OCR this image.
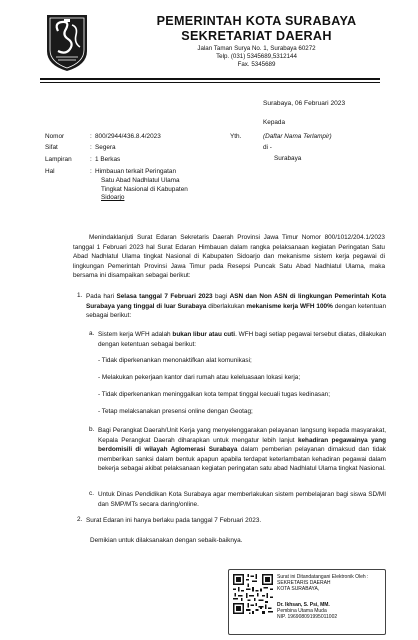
PEMERINTAH KOTA SURABAYA
SEKRETARIAT DAERAH
Jalan Taman Surya No. 1, Surabaya 60272
Telp. (031) 5345689,5312144
Fax. 5345689
Surabaya, 06 Februari 2023
Kepada
Nomor	: 800/2944/436.8.4/2023
Sifat	: Segera
Lampiran	: 1 Berkas
Hal	: Himbauan terkait Peringatan
Satu Abad Nadhlatul Ulama
Tingkat Nasional di Kabupaten
Sidoarjo
Yth.	(Daftar Nama Terlampir)
di -
Surabaya
Menindaklanjuti Surat Edaran Sekretaris Daerah Provinsi Jawa Timur Nomor 800/1012/204.1/2023 tanggal 1 Februari 2023 hal Surat Edaran Himbauan dalam rangka pelaksanaan kegiatan Peringatan Satu Abad Nadhlatul Ulama tingkat Nasional di Kabupaten Sidoarjo dan mekanisme sistem kerja pegawai di lingkungan Pemerintah Provinsi Jawa Timur pada Resepsi Puncak Satu Abad Nadhlatul Ulama, maka bersama ini disampaikan sebagai berikut:
1. Pada hari Selasa tanggal 7 Februari 2023 bagi ASN dan Non ASN di lingkungan Pemerintah Kota Surabaya yang tinggal di luar Surabaya diberlakukan mekanisme kerja WFH 100% dengan ketentuan sebagai berikut:
a. Sistem kerja WFH adalah bukan libur atau cuti. WFH bagi setiap pegawai tersebut diatas, dilakukan dengan ketentuan sebagai berikut:
- Tidak diperkenankan menonaktifkan alat komunikasi;
- Melakukan pekerjaan kantor dari rumah atau keleluasaan lokasi kerja;
- Tidak diperkenankan meninggalkan kota tempat tinggal kecuali tugas kedinasan;
- Tetap melaksanakan presensi online dengan Geotag;
b. Bagi Perangkat Daerah/Unit Kerja yang menyelenggarakan pelayanan langsung kepada masyarakat, Kepala Perangkat Daerah diharapkan untuk mengatur lebih lanjut kehadiran pegawainya yang berdomisili di wilayah Aglomerasi Surabaya dalam pemberian pelayanan dimaksud dan tidak memberikan sanksi dalam bentuk apapun apabila terdapat keterlambatan kehadiran pegawai dalam bekerja sebagai akibat pelaksanaan kegiatan peringatan satu abad Nadhlatul Ulama tingkat Nasional.
c. Untuk Dinas Pendidikan Kota Surabaya agar memberlakukan sistem pembelajaran bagi siswa SD/MI dan SMP/MTs secara daring/online.
2. Surat Edaran ini hanya berlaku pada tanggal 7 Februari 2023.
Demikian untuk dilaksanakan dengan sebaik-baiknya.
Surat ini Ditandatangani Elektronik Oleh :
SEKRETARIS DAERAH
KOTA SURABAYA,
Dr. Ikhsan, S. Psi, MM.
Pembina Utama Muda
NIP. 196908091995011002
